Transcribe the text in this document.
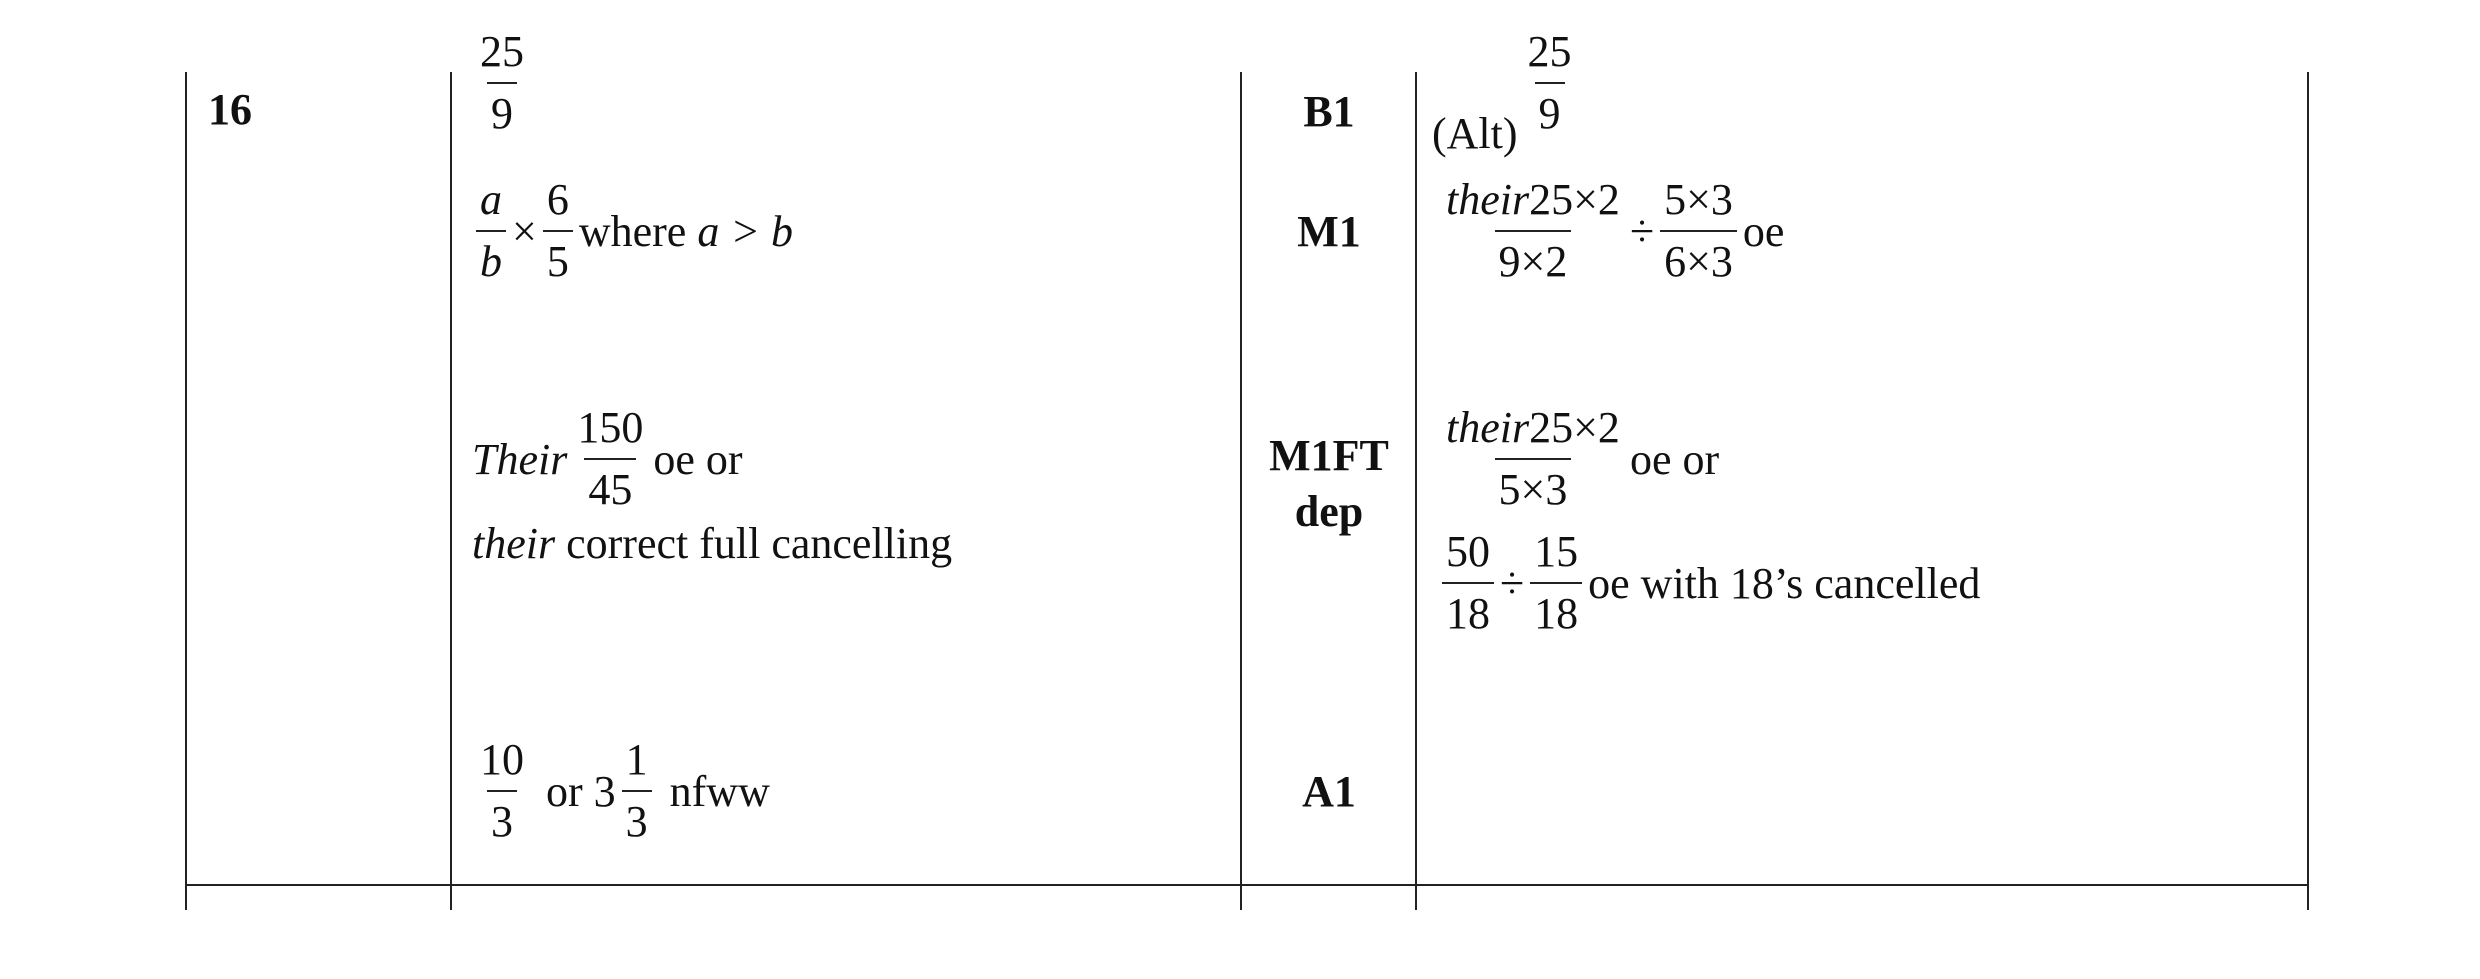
16	$\frac{25}{9}$
$\frac{a}{b} \times \frac{6}{5}$ where a > b
Their $\frac{150}{45}$ oe or
their correct full cancelling
$\frac{10}{3}$ or $3 \frac{1}{3}$ nfww
B1
M1
M1FT
dep
A1
$(Alt) \frac{25}{9}$
$\frac{\text{their25×2}}{9\times 2} \div \frac{5\times 3}{6\times 3}$ oe
$\frac{\text{their25×2}}{5\times 3}$ oe or
$\frac{50}{18} \div \frac{15}{18}$ oe with 18’s cancelled
